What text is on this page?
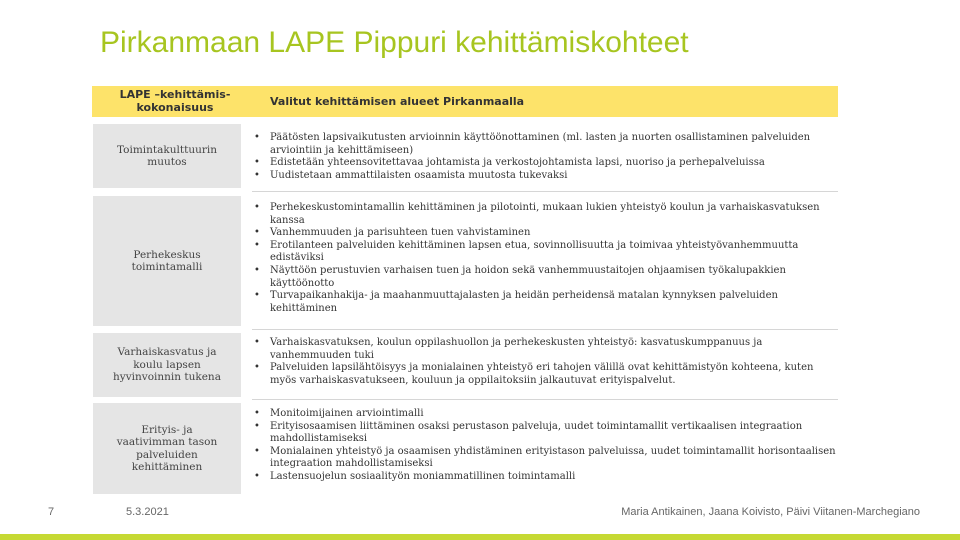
Pirkanmaan LAPE Pippuri kehittämiskohteet
LAPE –kehittämis-
kokonaisuus	Valitut kehittämisen alueet Pirkanmaalla
Toimintakulttuurin
muutos
• Päätösten lapsivaikutusten arvioinnin käyttöönottaminen (ml. lasten ja nuorten osallistaminen palveluiden arviointiin ja kehittämiseen)
• Edistetään yhteensovitettavaa johtamista ja verkostojohtamista lapsi, nuoriso ja perhepalveluissa
• Uudistetaan ammattilaisten osaamista muutosta tukevaksi
Perhekeskus
toimintamalli
• Perhekeskustomintamallin kehittäminen ja pilotointi, mukaan lukien yhteistyö koulun ja varhaiskasvatuksen kanssa
• Vanhemmuuden ja parisuhteen tuen vahvistaminen
• Erotilanteen palveluiden kehittäminen lapsen etua, sovinnollisuutta ja toimivaa yhteistyövanhemmuutta edistäviksi
• Näyttöön perustuvien varhaisen tuen ja hoidon sekä vanhemmuustaitojen ohjaamisen työkalupakkien käyttöönotto
• Turvapaikanhakija- ja maahanmuuttajalasten ja heidän perheidensä matalan kynnyksen palveluiden kehittäminen
Varhaiskasvatus ja
koulu lapsen
hyvinvoinnin tukena
• Varhaiskasvatuksen, koulun oppilashuollon ja perhekeskusten yhteistyö: kasvatuskumppanuus ja vanhemmuuden tuki
• Palveluiden lapsilähtöisyys ja monialainen yhteistyö eri tahojen välillä ovat kehittämistyön kohteena, kuten myös varhaiskasvatukseen, kouluun ja oppilaitoksiin jalkautuvat erityispalvelut.
Erityis- ja
vaativimman tason
palveluiden
kehittäminen
• Monitoimijainen arviointimalli
• Erityisosaamisen liittäminen osaksi perustason palveluja, uudet toimintamallit vertikaalisen integraation mahdollistamiseksi
• Monialainen yhteistyö ja osaamisen yhdistäminen erityistason palveluissa, uudet toimintamallit horisontaalisen integraation mahdollistamiseksi
• Lastensuojelun sosiaalityön moniammatillinen toimintamalli
7	5.3.2021	Maria Antikainen, Jaana Koivisto, Päivi Viitanen-Marchegiano
